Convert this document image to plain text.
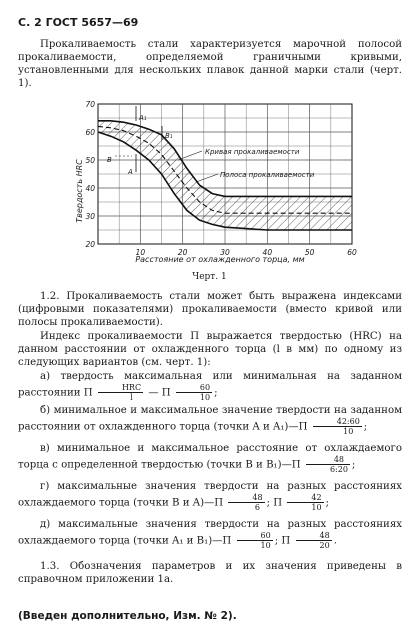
С. 2 ГОСТ 5657—69
Прокаливаемость стали характеризуется марочной полосой прокаливаемости, определяемой граничными кривыми, установленными для нескольких плавок данной марки стали (черт. 1).
70
60
50
40
30
20
10	20	30	40	50	60
Твердость HRC
Расстояние от охлажденного торца, мм
Кривая прокаливаемости
Полоса прокаливаемости
A₁
B₁
B
A
Черт. 1
1.2. Прокаливаемость стали может быть выражена индексами (цифровыми показателями) прокаливаемости (вместо кривой или полосы прокаливаемости).
Индекс прокаливаемости П выражается твердостью (HRC) на данном расстоянии от охлажденного торца (l в мм) по одному из следующих вариантов (см. черт. 1):
а) твердость максимальная или минимальная на заданном расстоянии П $\frac{\text{HRC}}{l}$ — П $\frac{60}{10}$ ;
б) минимальное и максимальное значение твердости на заданном расстоянии от охлажденного торца (точки A и A₁)—П $\frac{42:60}{10}$ ;
в) минимальное и максимальное расстояние от охлаждаемого торца с определенной твердостью (точки B и B₁)—П $\frac{48}{6:20}$ ;
г) максимальные значения твердости на разных расстояниях охлаждаемого торца (точки B и A)—П $\frac{48}{6}$ ; П $\frac{42}{10}$ ;
д) максимальные значения твердости на разных расстояниях охлаждаемого торца (точки A₁ и B₁)—П $\frac{60}{10}$ ; П $\frac{48}{20}$ .
1.3. Обозначения параметров и их значения приведены в справочном приложении 1а.
(Введен дополнительно, Изм. № 2).
